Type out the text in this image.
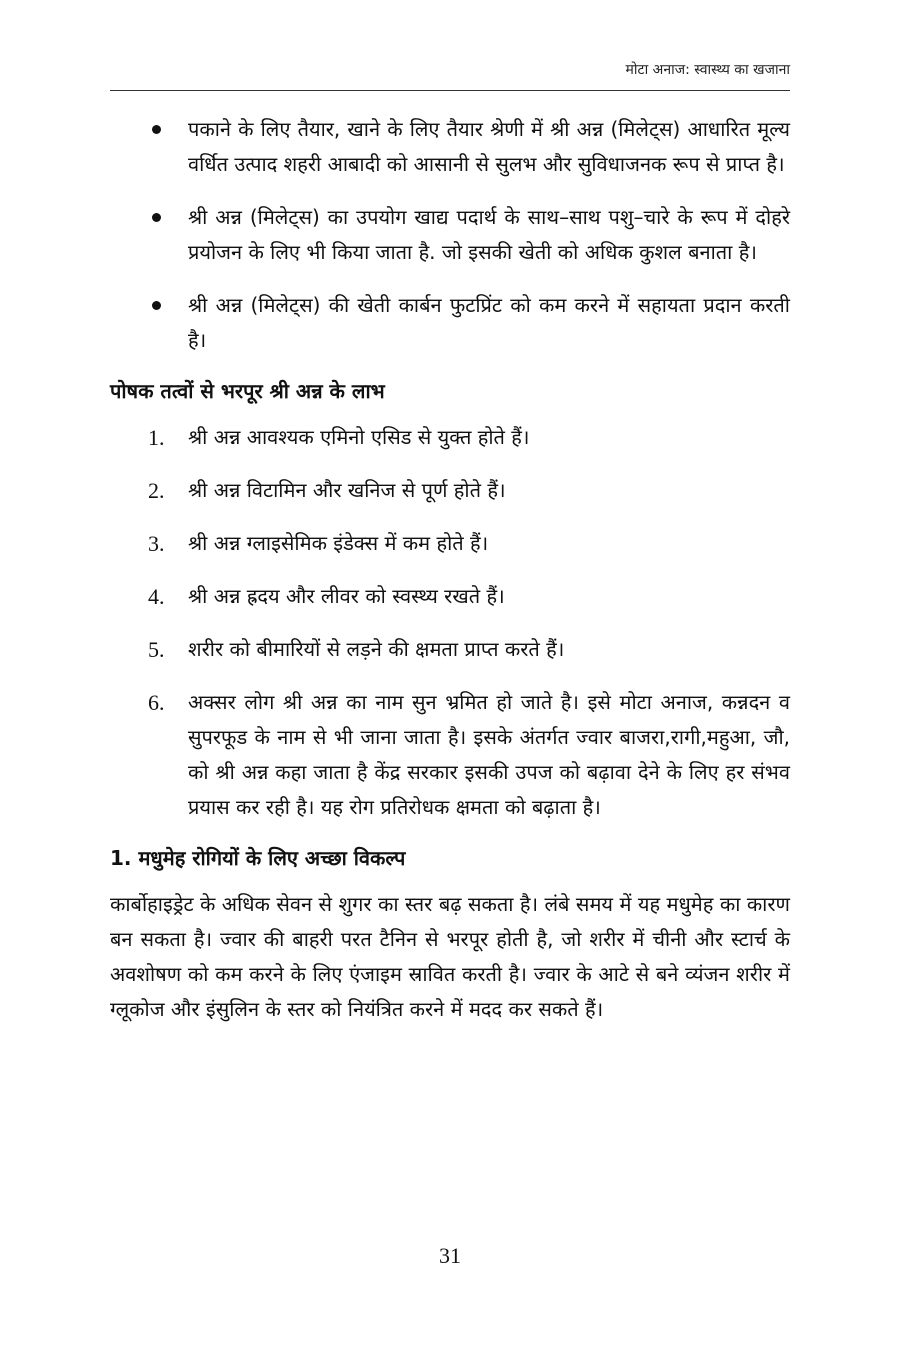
मोटा अनाज: स्वास्थ्य का खजाना
पकाने के लिए तैयार, खाने के लिए तैयार श्रेणी में श्री अन्न (मिलेट्स) आधारित मूल्य वर्धित उत्पाद शहरी आबादी को आसानी से सुलभ और सुविधाजनक रूप से प्राप्त है।
श्री अन्न (मिलेट्स) का उपयोग खाद्य पदार्थ के साथ–साथ पशु–चारे के रूप में दोहरे प्रयोजन के लिए भी किया जाता है. जो इसकी खेती को अधिक कुशल बनाता है।
श्री अन्न (मिलेट्स) की खेती कार्बन फुटप्रिंट को कम करने में सहायता प्रदान करती है।
पोषक तत्वों से भरपूर श्री अन्न के लाभ
1. श्री अन्न आवश्यक एमिनो एसिड से युक्त होते हैं।
2. श्री अन्न विटामिन और खनिज से पूर्ण होते हैं।
3. श्री अन्न ग्लाइसेमिक इंडेक्स में कम होते हैं।
4. श्री अन्न ह्रदय और लीवर को स्वस्थ्य रखते हैं।
5. शरीर को बीमारियों से लड़ने की क्षमता प्राप्त करते हैं।
6. अक्सर लोग श्री अन्न का नाम सुन भ्रमित हो जाते है। इसे मोटा अनाज, कन्नदन व सुपरफूड के नाम से भी जाना जाता है। इसके अंतर्गत ज्वार बाजरा,रागी,महुआ, जौ, को श्री अन्न कहा जाता है केंद्र सरकार इसकी उपज को बढ़ावा देने के लिए हर संभव प्रयास कर रही है। यह रोग प्रतिरोधक क्षमता को बढ़ाता है।
1. मधुमेह रोगियों के लिए अच्छा विकल्प

कार्बोहाइड्रेट के अधिक सेवन से शुगर का स्तर बढ़ सकता है। लंबे समय में यह मधुमेह का कारण बन सकता है। ज्वार की बाहरी परत टैनिन से भरपूर होती है, जो शरीर में चीनी और स्टार्च के अवशोषण को कम करने के लिए एंजाइम स्रावित करती है। ज्वार के आटे से बने व्यंजन शरीर में ग्लूकोज और इंसुलिन के स्तर को नियंत्रित करने में मदद कर सकते हैं।

31
